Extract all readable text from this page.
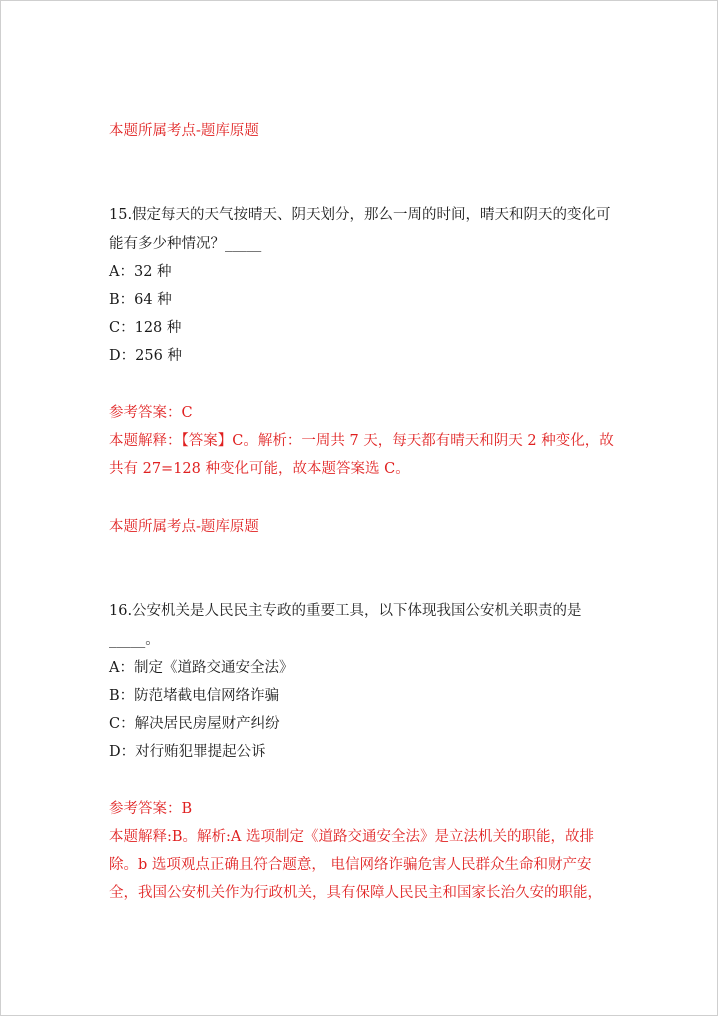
本题所属考点-题库原题
15.假定每天的天气按晴天、阴天划分，那么一周的时间，晴天和阴天的变化可
能有多少种情况？_____
A：32 种
B：64 种
C：128 种
D：256 种
参考答案：C
本题解释：【答案】C。解析：一周共 7 天，每天都有晴天和阴天 2 种变化，故
共有 27=128 种变化可能，故本题答案选 C。
本题所属考点-题库原题
16.公安机关是人民民主专政的重要工具，以下体现我国公安机关职责的是
_____。
A：制定《道路交通安全法》
B：防范堵截电信网络诈骗
C：解决居民房屋财产纠纷
D：对行贿犯罪提起公诉
参考答案：B
本题解释:B。解析:A 选项制定《道路交通安全法》是立法机关的职能，故排
除。b 选项观点正确且符合题意， 电信网络诈骗危害人民群众生命和财产安
全，我国公安机关作为行政机关，具有保障人民民主和国家长治久安的职能，
